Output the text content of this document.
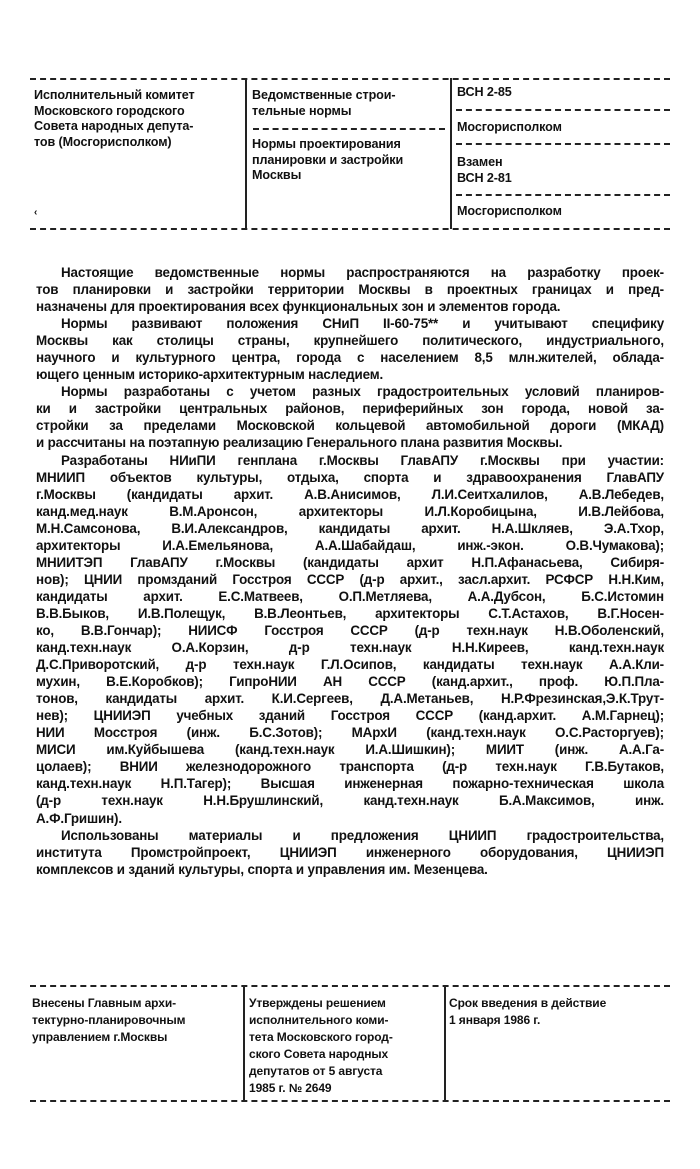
Исполнительный комитет
Московского городского
Совета народных депута-
тов (Мосгорисполком)
‹
Ведомственные строи-
тельные нормы
Нормы проектирования
планировки и застройки
Москвы
ВСН 2-85
Мосгорисполком
Взамен
ВСН 2-81
Мосгорисполком
Настоящие ведомственные нормы распространяются на разработку проек-
тов планировки и застройки территории Москвы в проектных границах и пред-
назначены для проектирования всех функциональных зон и элементов города.
Нормы развивают положения СНиП II-60-75** и учитывают специфику
Москвы как столицы страны, крупнейшего политического, индустриального,
научного и культурного центра, города с населением 8,5 млн.жителей, облада-
ющего ценным историко-архитектурным наследием.
Нормы разработаны с учетом разных градостроительных условий планиров-
ки и застройки центральных районов, периферийных зон города, новой за-
стройки за пределами Московской кольцевой автомобильной дороги (МКАД)
и рассчитаны на поэтапную реализацию Генерального плана развития Москвы.
Разработаны НИиПИ генплана г.Москвы ГлавАПУ г.Москвы при участии:
МНИИП объектов культуры, отдыха, спорта и здравоохранения ГлавАПУ
г.Москвы (кандидаты архит. А.В.Анисимов, Л.И.Сеитхалилов, А.В.Лебедев,
канд.мед.наук В.М.Аронсон, архитекторы И.Л.Коробицына, И.В.Лейбова,
М.Н.Самсонова, В.И.Александров, кандидаты архит. Н.А.Шкляев, Э.А.Тхор,
архитекторы И.А.Емельянова, А.А.Шабайдаш, инж.-экон. О.В.Чумакова);
МНИИТЭП ГлавАПУ г.Москвы (кандидаты архит Н.П.Афанасьева, Сибиря-
нов); ЦНИИ промзданий Госстроя СССР (д-р архит., засл.архит. РСФСР Н.Н.Ким,
кандидаты архит. Е.С.Матвеев, О.П.Метляева, А.А.Дубсон, Б.С.Истомин
В.В.Быков, И.В.Полещук, В.В.Леонтьев, архитекторы С.Т.Астахов, В.Г.Носен-
ко, В.В.Гончар); НИИСФ Госстроя СССР (д-р техн.наук Н.В.Оболенский,
канд.техн.наук О.А.Корзин, д-р техн.наук Н.Н.Киреев, канд.техн.наук
Д.С.Приворотский, д-р техн.наук Г.Л.Осипов, кандидаты техн.наук А.А.Кли-
мухин, В.Е.Коробков); ГипроНИИ АН СССР (канд.архит., проф. Ю.П.Пла-
тонов, кандидаты архит. К.И.Сергеев, Д.А.Метаньев, Н.Р.Фрезинская,Э.К.Трут-
нев); ЦНИИЭП учебных зданий Госстроя СССР (канд.архит. А.М.Гарнец);
НИИ Мосстроя (инж. Б.С.Зотов); МАрхИ (канд.техн.наук О.С.Расторгуев);
МИСИ им.Куйбышева (канд.техн.наук И.А.Шишкин); МИИТ (инж. А.А.Га-
цолаев); ВНИИ железнодорожного транспорта (д-р техн.наук Г.В.Бутаков,
канд.техн.наук Н.П.Тагер); Высшая инженерная пожарно-техническая школа
(д-р техн.наук Н.Н.Брушлинский, канд.техн.наук Б.А.Максимов, инж.
А.Ф.Гришин).
Использованы материалы и предложения ЦНИИП градостроительства,
института Промстройпроект, ЦНИИЭП инженерного оборудования, ЦНИИЭП
комплексов и зданий культуры, спорта и управления им. Мезенцева.
Внесены Главным архи-
тектурно-планировочным
управлением г.Москвы
Утверждены решением
исполнительного коми-
тета Московского город-
ского Совета народных
депутатов от 5 августа
1985 г. № 2649
Срок введения в действие
1 января 1986 г.
